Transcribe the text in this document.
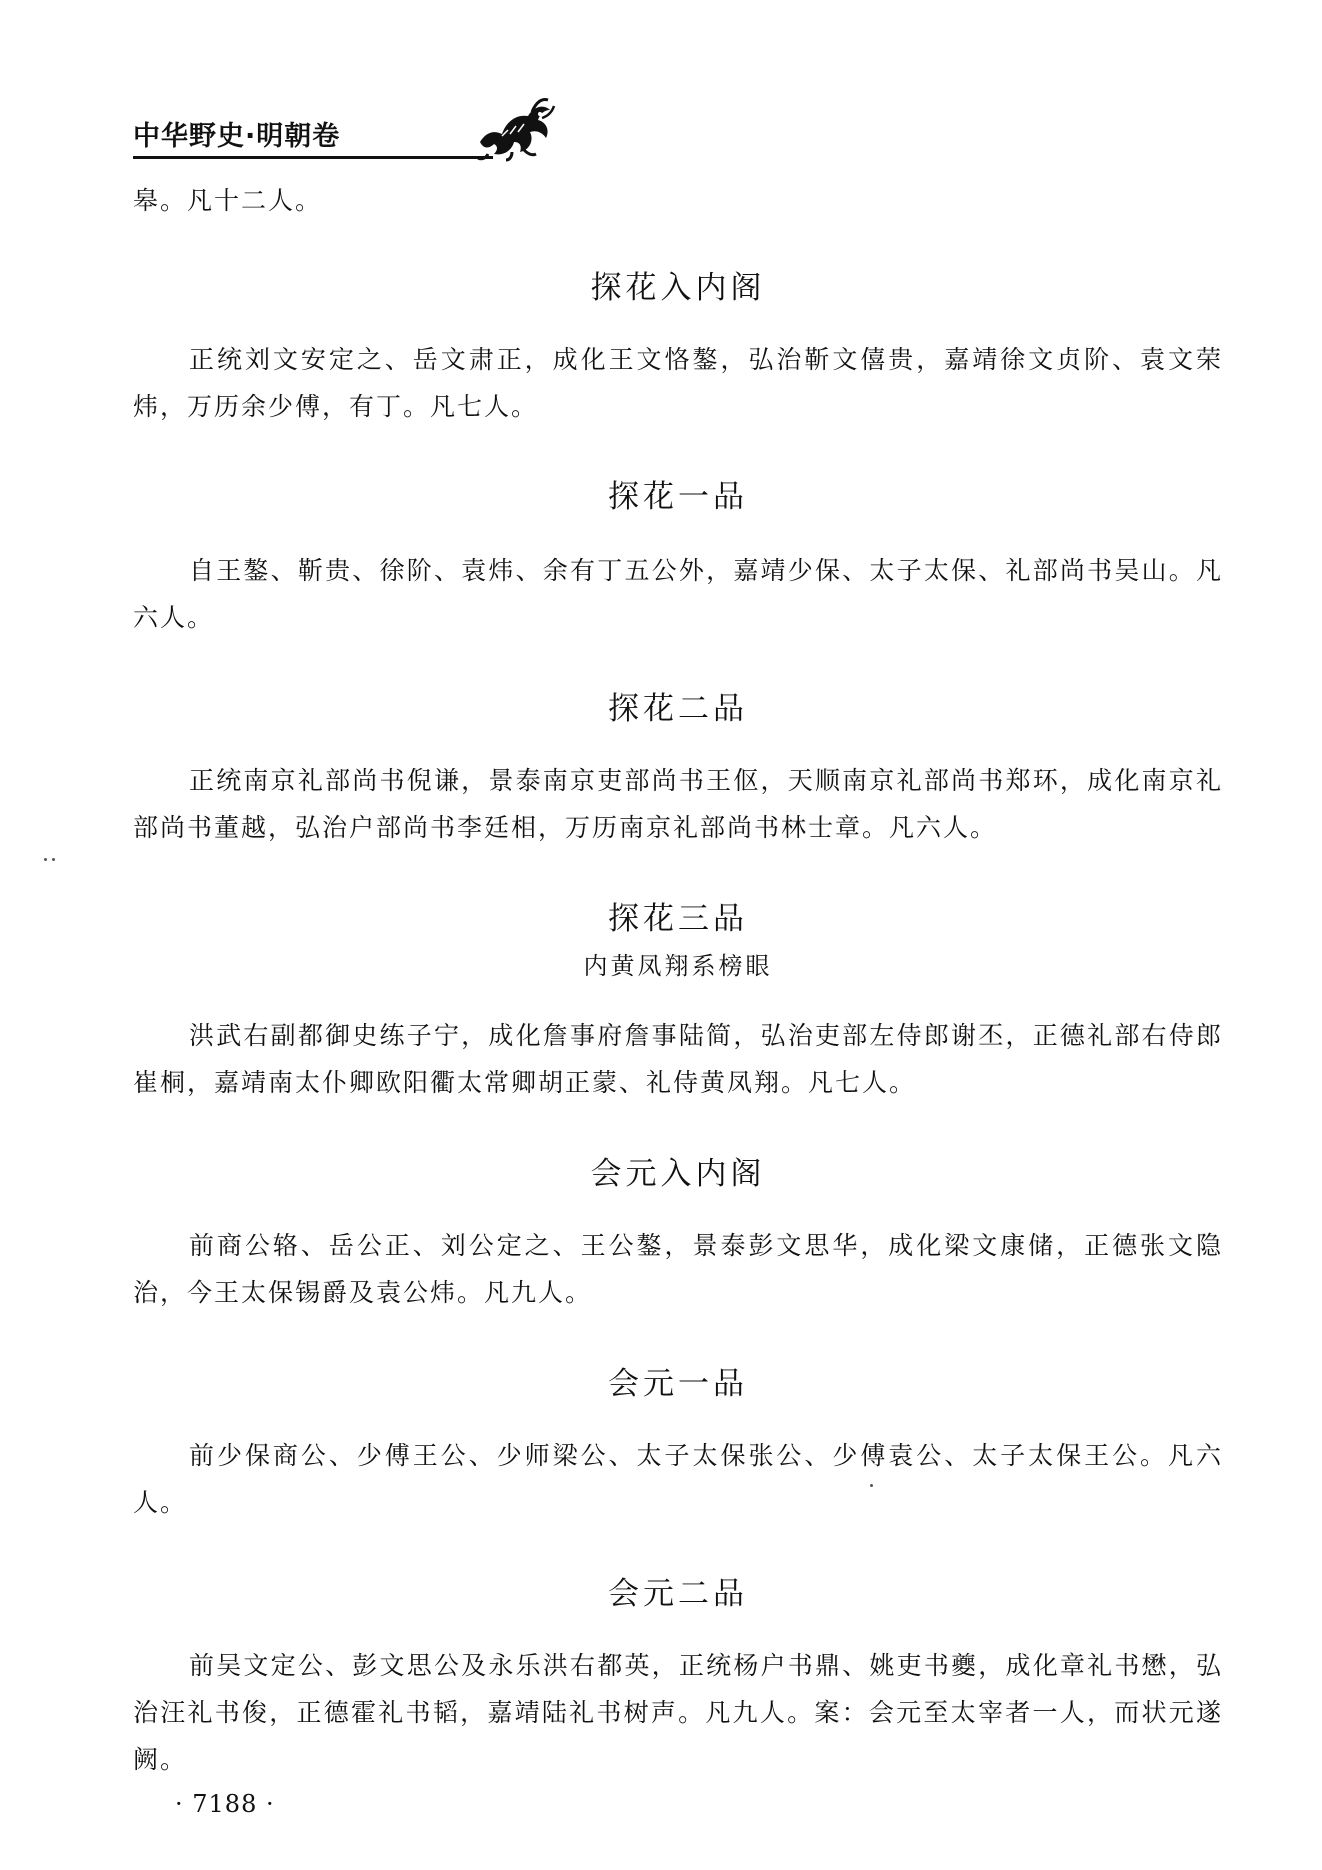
中华野史·明朝卷
皋。凡十二人。
探花入内阁
正统刘文安定之、岳文肃正，成化王文恪鏊，弘治靳文僖贵，嘉靖徐文贞阶、袁文荣炜，万历余少傅，有丁。凡七人。
探花一品
自王鏊、靳贵、徐阶、袁炜、余有丁五公外，嘉靖少保、太子太保、礼部尚书吴山。凡六人。
探花二品
正统南京礼部尚书倪谦，景泰南京吏部尚书王伛，天顺南京礼部尚书郑环，成化南京礼部尚书董越，弘治户部尚书李廷相，万历南京礼部尚书林士章。凡六人。
探花三品
内黄凤翔系榜眼
洪武右副都御史练子宁，成化詹事府詹事陆简，弘治吏部左侍郎谢丕，正德礼部右侍郎崔桐，嘉靖南太仆卿欧阳衢太常卿胡正蒙、礼侍黄凤翔。凡七人。
会元入内阁
前商公辂、岳公正、刘公定之、王公鏊，景泰彭文思华，成化梁文康储，正德张文隐治，今王太保锡爵及袁公炜。凡九人。
会元一品
前少保商公、少傅王公、少师梁公、太子太保张公、少傅袁公、太子太保王公。凡六人。
会元二品
前吴文定公、彭文思公及永乐洪右都英，正统杨户书鼎、姚吏书夔，成化章礼书懋，弘治汪礼书俊，正德霍礼书韬，嘉靖陆礼书树声。凡九人。案：会元至太宰者一人，而状元遂阙。
· 7188 ·
